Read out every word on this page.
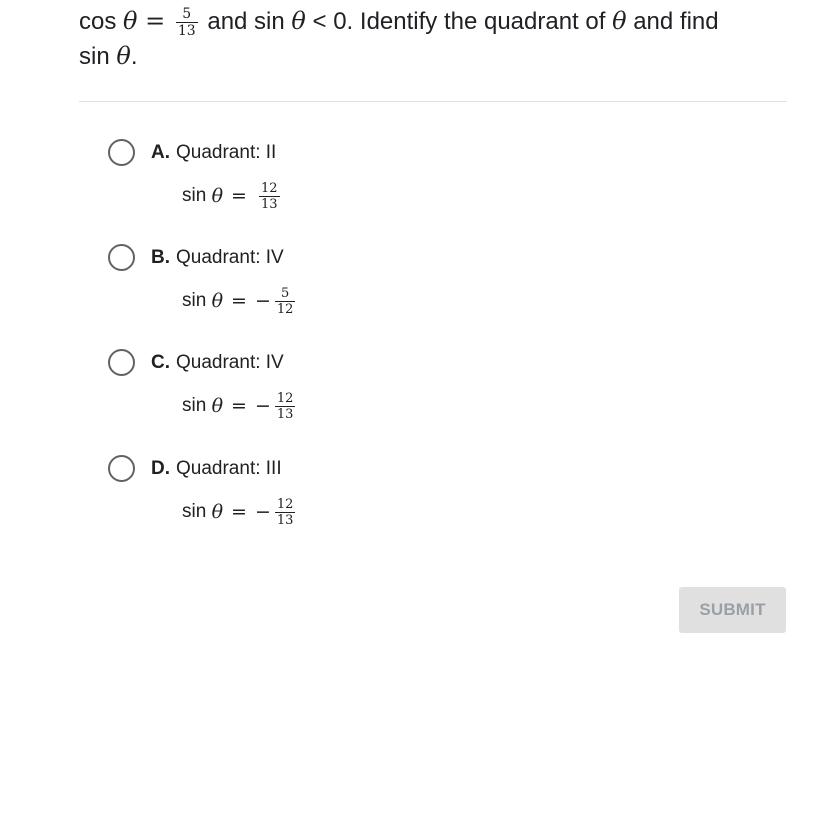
$\cos \theta = \frac{5}{13}$ and sin θ < 0. Identify the quadrant of θ and find
sin θ.
A. Quadrant: II
sin
$\theta = \frac{12}{13}$
B. Quadrant: IV
sin
θ = − $\frac{5}{12}$
C. Quadrant: IV
sin
θ = − $\frac{12}{13}$
D. Quadrant: III
sin
θ = − $\frac{12}{13}$
SUBMIT
